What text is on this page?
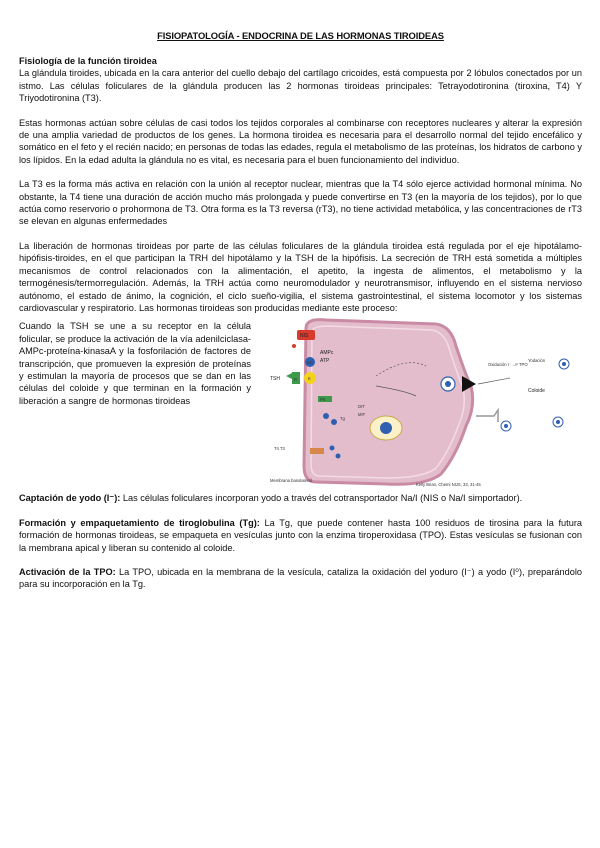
FISIOPATOLOGÍA - ENDOCRINA DE LAS HORMONAS TIROIDEAS
Fisiología de la función tiroidea
La glándula tiroides, ubicada en la cara anterior del cuello debajo del cartílago cricoides, está compuesta por 2 lóbulos conectados por un istmo. Las células foliculares de la glándula producen las 2 hormonas tiroideas principales: Tetrayodotironina (tiroxina, T4) Y Triyodotironina (T3).
Estas hormonas actúan sobre células de casi todos los tejidos corporales al combinarse con receptores nucleares y alterar la expresión de una amplia variedad de productos de los genes. La hormona tiroidea es necesaria para el desarrollo normal del tejido encefálico y somático en el feto y el recién nacido; en personas de todas las edades, regula el metabolismo de las proteínas, los hidratos de carbono y los lípidos. En la edad adulta la glándula no es vital, es necesaria para el buen funcionamiento del individuo.
La T3 es la forma más activa en relación con la unión al receptor nuclear, mientras que la T4 sólo ejerce actividad hormonal mínima. No obstante, la T4 tiene una duración de acción mucho más prolongada y puede convertirse en T3 (en la mayoría de los tejidos), por lo que actúa como reservorio o prohormona de T3. Otra forma es la T3 reversa (rT3), no tiene actividad metabólica, y las concentraciones de rT3 se elevan en algunas enfermedades
La liberación de hormonas tiroideas por parte de las células foliculares de la glándula tiroidea está regulada por el eje hipotálamo-hipófisis-tiroides, en el que participan la TRH del hipotálamo y la TSH de la hipófisis. La secreción de TRH está sometida a múltiples mecanismos de control relacionados con la alimentación, el apetito, la ingesta de alimentos, el metabolismo y la termogénesis/termorregulación. Además, la TRH actúa como neuromodulador y neurotransmisor, influyendo en el sistema nervioso autónomo, el estado de ánimo, la cognición, el ciclo sueño-vigilia, el sistema gastrointestinal, el sistema locomotor y los sistemas cardiovascular y respiratorio. Las hormonas tiroideas son producidas mediante este proceso:
Cuando la TSH se une a su receptor en la célula folicular, se produce la activación de la vía adenilciclasa-AMPc-proteína-kinasaA y la fosforilación de factores de transcripción, que promueven la expresión de proteínas y estimulan la mayoría de procesos que se dan en las células del coloide y que terminan en la formación y liberación a sangre de hormonas tiroideas
NIS
TSH	R
AC
AMPc
ATP
K
PK
Tg
T4 T3
DIT
MIT
Oxidación I⁻→I² TPO
Coloide
Yodación
Membrana basolateral
Kelly Brian, Chemi NIJS, 33, 31-45
Captación de yodo (I⁻): Las células foliculares incorporan yodo a través del cotransportador Na/I (NIS o Na/I simportador).
Formación y empaquetamiento de tiroglobulina (Tg): La Tg, que puede contener hasta 100 residuos de tirosina para la futura formación de hormonas tiroideas, se empaqueta en vesículas junto con la enzima tiroperoxidasa (TPO). Estas vesículas se fusionan con la membrana apical y liberan su contenido al coloide.
Activación de la TPO: La TPO, ubicada en la membrana de la vesícula, cataliza la oxidación del yoduro (I⁻) a yodo (I⁰), preparándolo para su incorporación en la Tg.
